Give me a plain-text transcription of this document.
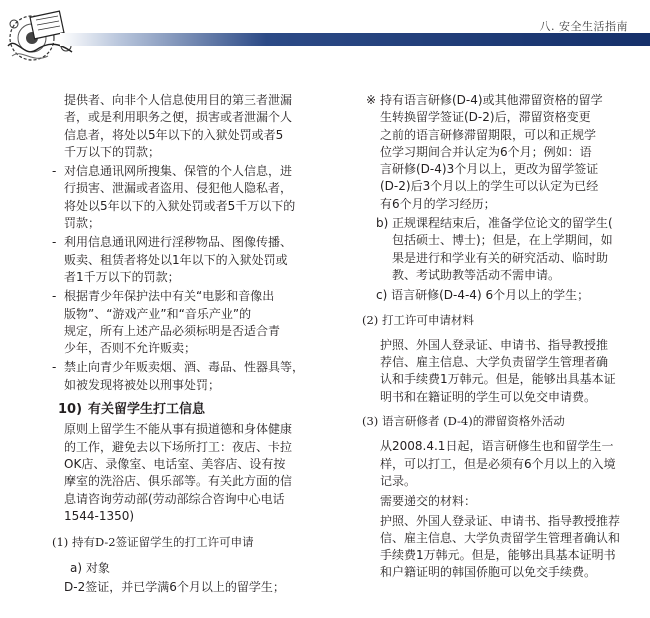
八. 安全生活指南

提供者、向非个人信息使用目的第三者泄漏

者，或是利用职务之便，损害或者泄漏个人

信息者，将处以5年以下的入狱处罚或者5

千万以下的罚款；

- 对信息通讯网所搜集、保管的个人信息，进

行损害、泄漏或者盗用、侵犯他人隐私者，

将处以5年以下的入狱处罚或者5千万以下的

罚款；

- 利用信息通讯网进行淫秽物品、图像传播、

贩卖、租赁者将处以1年以下的入狱处罚或

者1千万以下的罚款；

- 根据青少年保护法中有关“电影和音像出

版物”、“游戏产业”和“音乐产业”的

规定，所有上述产品必须标明是否适合青

少年，否则不允许贩卖；

- 禁止向青少年贩卖烟、酒、毒品、性器具等，

如被发现将被处以刑事处罚；

10) 有关留学生打工信息

原则上留学生不能从事有损道德和身体健康

的工作，避免去以下场所打工：夜店、卡拉

OK店、录像室、电话室、美容店、设有按

摩室的洗浴店、俱乐部等。有关此方面的信

息请咨询劳动部(劳动部综合咨询中心电话

1544-1350)

(1) 持有D-2签证留学生的打工许可申请

a) 对象

D-2签证，并已学满6个月以上的留学生；

※ 持有语言研修(D-4)或其他滞留资格的留学

生转换留学签证(D-2)后，滞留资格变更

之前的语言研修滞留期限，可以和正规学

位学习期间合并认定为6个月；例如：语

言研修(D-4)3个月以上，更改为留学签证

(D-2)后3个月以上的学生可以认定为已经

有6个月的学习经历；

b) 正规课程结束后，准备学位论文的留学生(

包括硕士、博士)；但是，在上学期间，如

果是进行和学业有关的研究活动、临时助

教、考试助教等活动不需申请。

c) 语言研修(D-4-4) 6个月以上的学生；

(2) 打工许可申请材料

护照、外国人登录证、申请书、指导教授推

荐信、雇主信息、大学负责留学生管理者确

认和手续费1万韩元。但是，能够出具基本证

明书和在籍证明的学生可以免交申请费。

(3) 语言研修者 (D-4)的滞留资格外活动

从2008.4.1日起，语言研修生也和留学生一

样，可以打工，但是必须有6个月以上的入境

记录。

需要递交的材料：

护照、外国人登录证、申请书、指导教授推荐

信、雇主信息、大学负责留学生管理者确认和

手续费1万韩元。但是，能够出具基本证明书

和户籍证明的韩国侨胞可以免交手续费。
